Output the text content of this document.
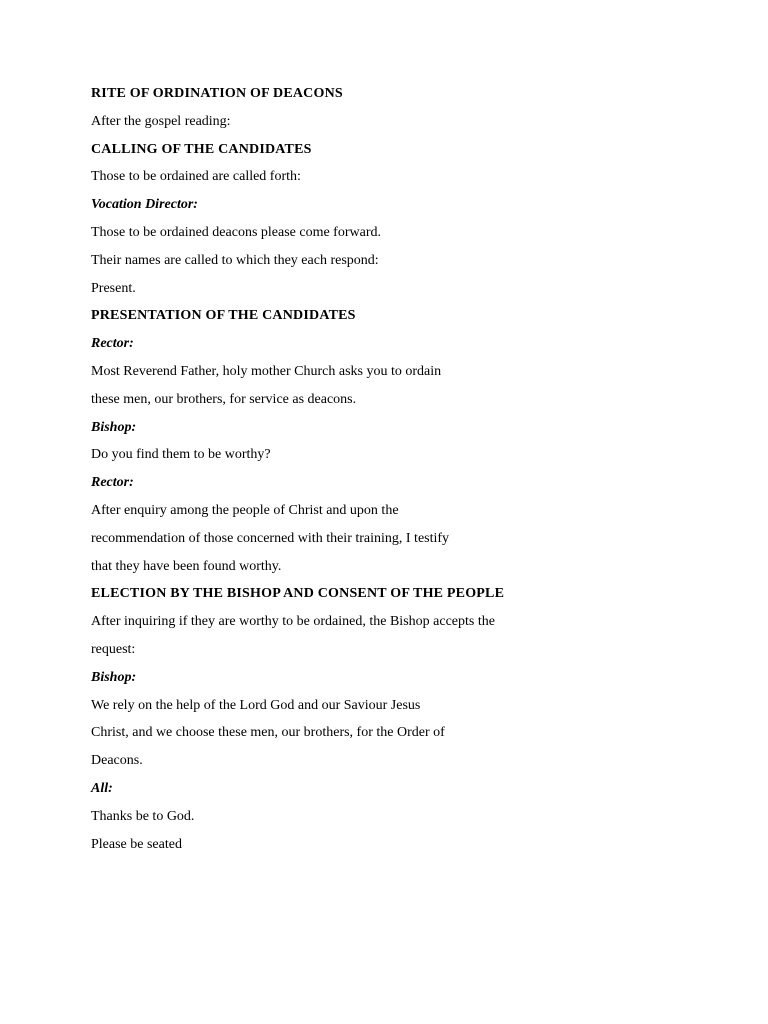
RITE OF ORDINATION OF DEACONS
After the gospel reading:
CALLING OF THE CANDIDATES
Those to be ordained are called forth:
Vocation Director:
Those to be ordained deacons please come forward.
Their names are called to which they each respond:
Present.
PRESENTATION OF THE CANDIDATES
Rector:
Most Reverend Father, holy mother Church asks you to ordain
these men, our brothers, for service as deacons.
Bishop:
Do you find them to be worthy?
Rector:
After enquiry among the people of Christ and upon the
recommendation of those concerned with their training, I testify
that they have been found worthy.
ELECTION BY THE BISHOP AND CONSENT OF THE PEOPLE
After inquiring if they are worthy to be ordained, the Bishop accepts the
request:
Bishop:
We rely on the help of the Lord God and our Saviour Jesus
Christ, and we choose these men, our brothers, for the Order of
Deacons.
All:
Thanks be to God.
Please be seated
